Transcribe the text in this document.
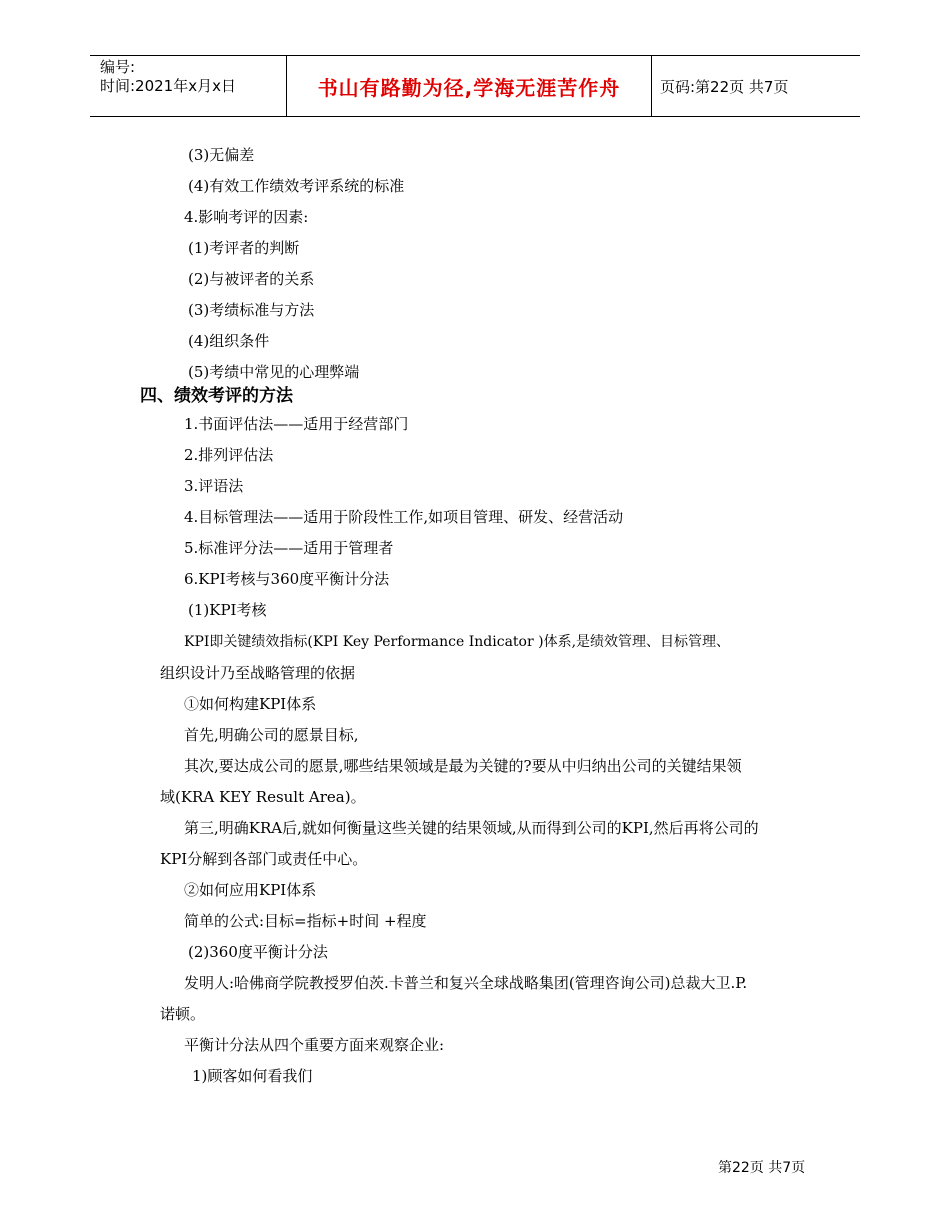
编号:
时间:2021年x月x日	书山有路勤为径,学海无涯苦作舟	页码:第22页 共7页
(3)无偏差
(4)有效工作绩效考评系统的标准
4.影响考评的因素:
(1)考评者的判断
(2)与被评者的关系
(3)考绩标准与方法
(4)组织条件
(5)考绩中常见的心理弊端
四、绩效考评的方法
1.书面评估法——适用于经营部门
2.排列评估法
3.评语法
4.目标管理法——适用于阶段性工作,如项目管理、研发、经营活动
5.标准评分法——适用于管理者
6.KPI考核与360度平衡计分法
(1)KPI考核
KPI即关键绩效指标(KPI Key Performance Indicator )体系,是绩效管理、目标管理、
组织设计乃至战略管理的依据
①如何构建KPI体系
首先,明确公司的愿景目标,
其次,要达成公司的愿景,哪些结果领域是最为关键的?要从中归纳出公司的关键结果领
域(KRA KEY Result Area)。
第三,明确KRA后,就如何衡量这些关键的结果领域,从而得到公司的KPI,然后再将公司的
KPI分解到各部门或责任中心。
②如何应用KPI体系
简单的公式:目标=指标+时间 +程度
(2)360度平衡计分法
发明人:哈佛商学院教授罗伯茨.卡普兰和复兴全球战略集团(管理咨询公司)总裁大卫.P.
诺顿。
平衡计分法从四个重要方面来观察企业:
1)顾客如何看我们
第22页 共7页
